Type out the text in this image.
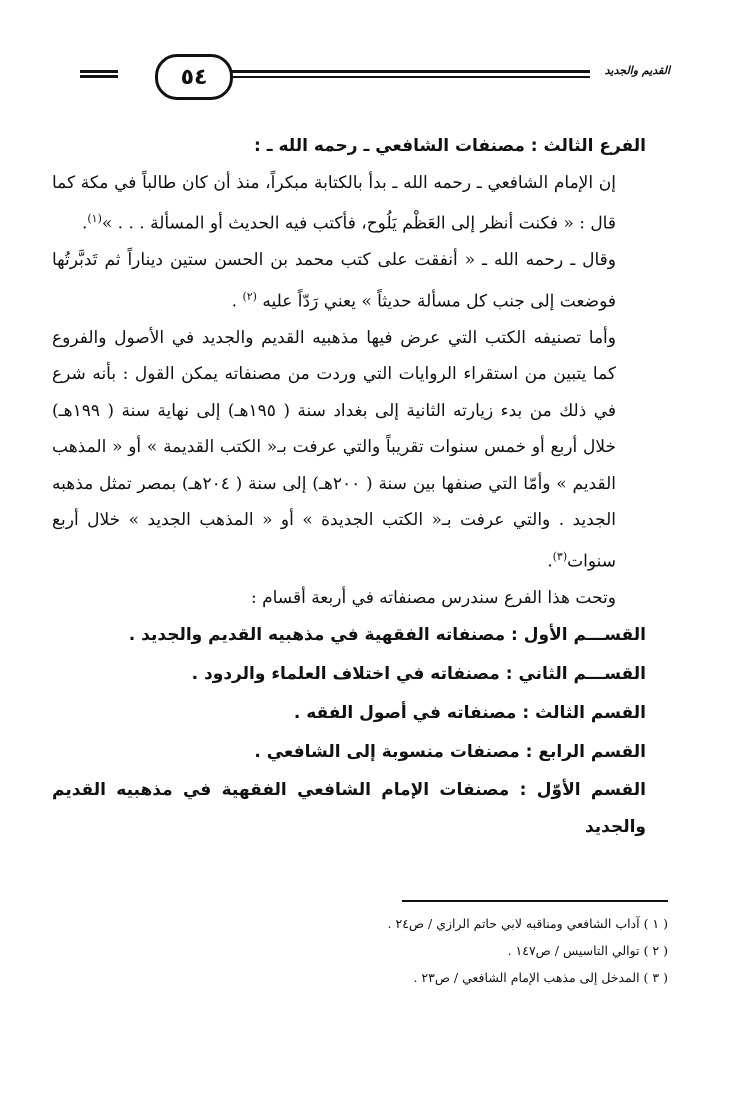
القديم والجديد
٥٤

الفرع الثالث : مصنفات الشافعي ـ رحمه الله ـ :

إن الإمام الشافعي ـ رحمه الله ـ بدأ بالكتابة مبكراً، منذ أن كان طالباً في مكة كما قال : « فكنت أنظر إلى العَظْم يَلُوح، فأكتب فيه الحديث أو المسألة . . . »$^{(١)}$.

وقال ـ رحمه الله ـ « أنفقت على كتب محمد بن الحسن ستين ديناراً ثم تَدبَّرتُها فوضعت إلى جنب كل مسألة حديثاً » يعني رَدّاً عليه $^{(٢)}$ .

وأما تصنيفه الكتب التي عرض فيها مذهبيه القديم والجديد في الأصول والفروع كما يتبين من استقراء الروايات التي وردت من مصنفاته يمكن القول : بأنه شرع في ذلك من بدء زيارته الثانية إلى بغداد سنة ( ١٩٥هـ) إلى نهاية سنة ( ١٩٩هـ) خلال أربع أو خمس سنوات تقريباً والتي عرفت بـ« الكتب القديمة » أو « المذهب القديم » وأمّا التي صنفها بين سنة ( ٢٠٠هـ) إلى سنة ( ٢٠٤هـ) بمصر تمثل مذهبه الجديد . والتي عرفت بـ« الكتب الجديدة » أو « المذهب الجديد » خلال أربع سنوات$^{(٣)}$.

وتحت هذا الفرع سندرس مصنفاته في أربعة أقسام :

القســـم الأول : مصنفاته الفقهية في مذهبيه القديم والجديد .
القســـم الثاني : مصنفاته في اختلاف العلماء والردود .
القسم الثالث : مصنفاته في أصول الفقه .
القسم الرابع : مصنفات منسوبة إلى الشافعي .

القسم الأوّل : مصنفات الإمام الشافعي الفقهية في مذهبيه القديم والجديد

( ١ ) آداب الشافعي ومناقبه لابي حاتم الرازي / ص٢٤ .
( ٢ ) توالي التاسيس / ص١٤٧ .
( ٣ ) المدخل إلى مذهب الإمام الشافعي / ص٢٣ .
